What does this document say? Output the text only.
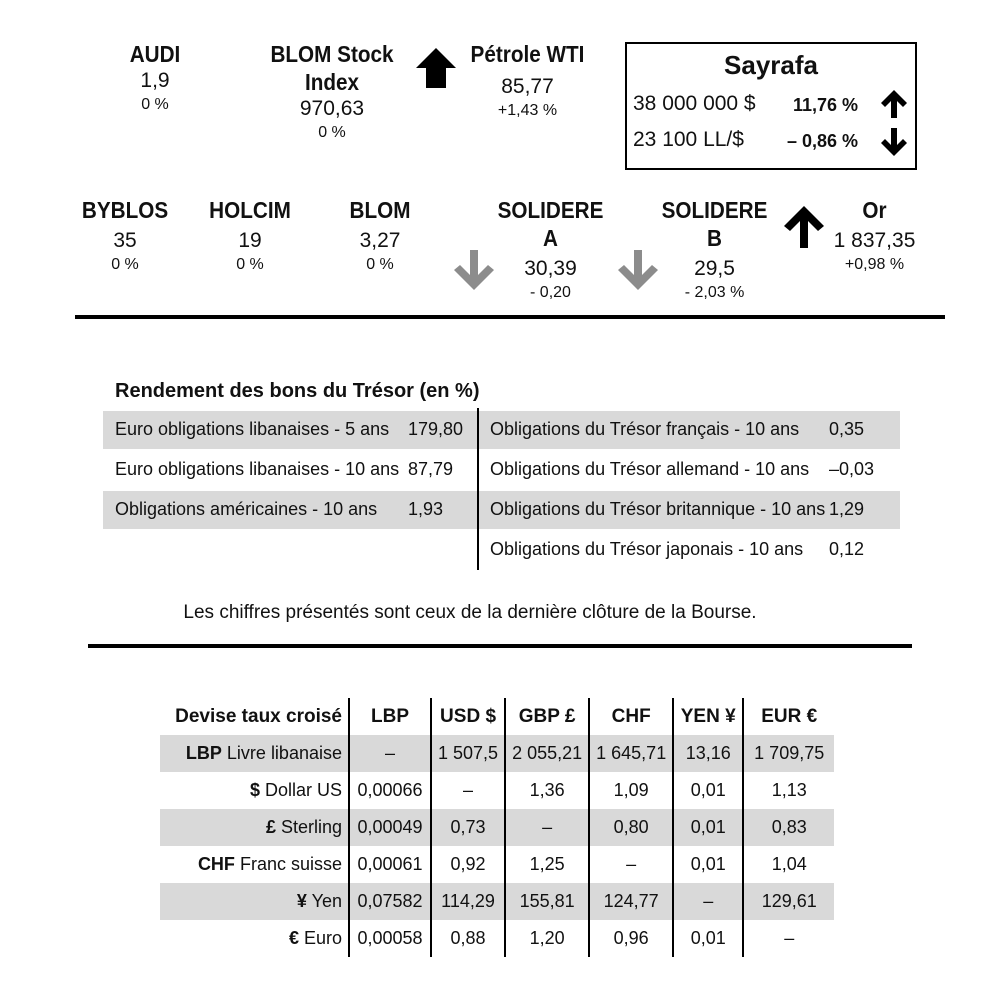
AUDI
1,9
0 %
BLOM Stock
Index
970,63
0 %
Pétrole WTI
85,77
+1,43 %
Sayrafa
38 000 000 $ 11,76 %
23 100 LL/$ – 0,86 %
BYBLOS
35
0 %
HOLCIM
19
0 %
BLOM
3,27
0 %
SOLIDERE A
30,39
- 0,20
SOLIDERE B
29,5
- 2,03 %
Or
1 837,35
+0,98 %
Rendement des bons du Trésor (en %)
Euro obligations libanaises - 5 ans 179,80
Euro obligations libanaises - 10 ans 87,79
Obligations américaines - 10 ans 1,93
Obligations du Trésor français - 10 ans 0,35
Obligations du Trésor allemand - 10 ans –0,03
Obligations du Trésor britannique - 10 ans 1,29
Obligations du Trésor japonais - 10 ans 0,12
Les chiffres présentés sont ceux de la dernière clôture de la Bourse.
Devise taux croisé	LBP	USD $	GBP £	CHF	YEN ¥	EUR €
LBP Livre libanaise	–	1 507,5	2 055,21	1 645,71	13,16	1 709,75
$ Dollar US	0,00066	–	1,36	1,09	0,01	1,13
£ Sterling	0,00049	0,73	–	0,80	0,01	0,83
CHF Franc suisse	0,00061	0,92	1,25	–	0,01	1,04
¥ Yen	0,07582	114,29	155,81	124,77	–	129,61
€ Euro	0,00058	0,88	1,20	0,96	0,01	–
